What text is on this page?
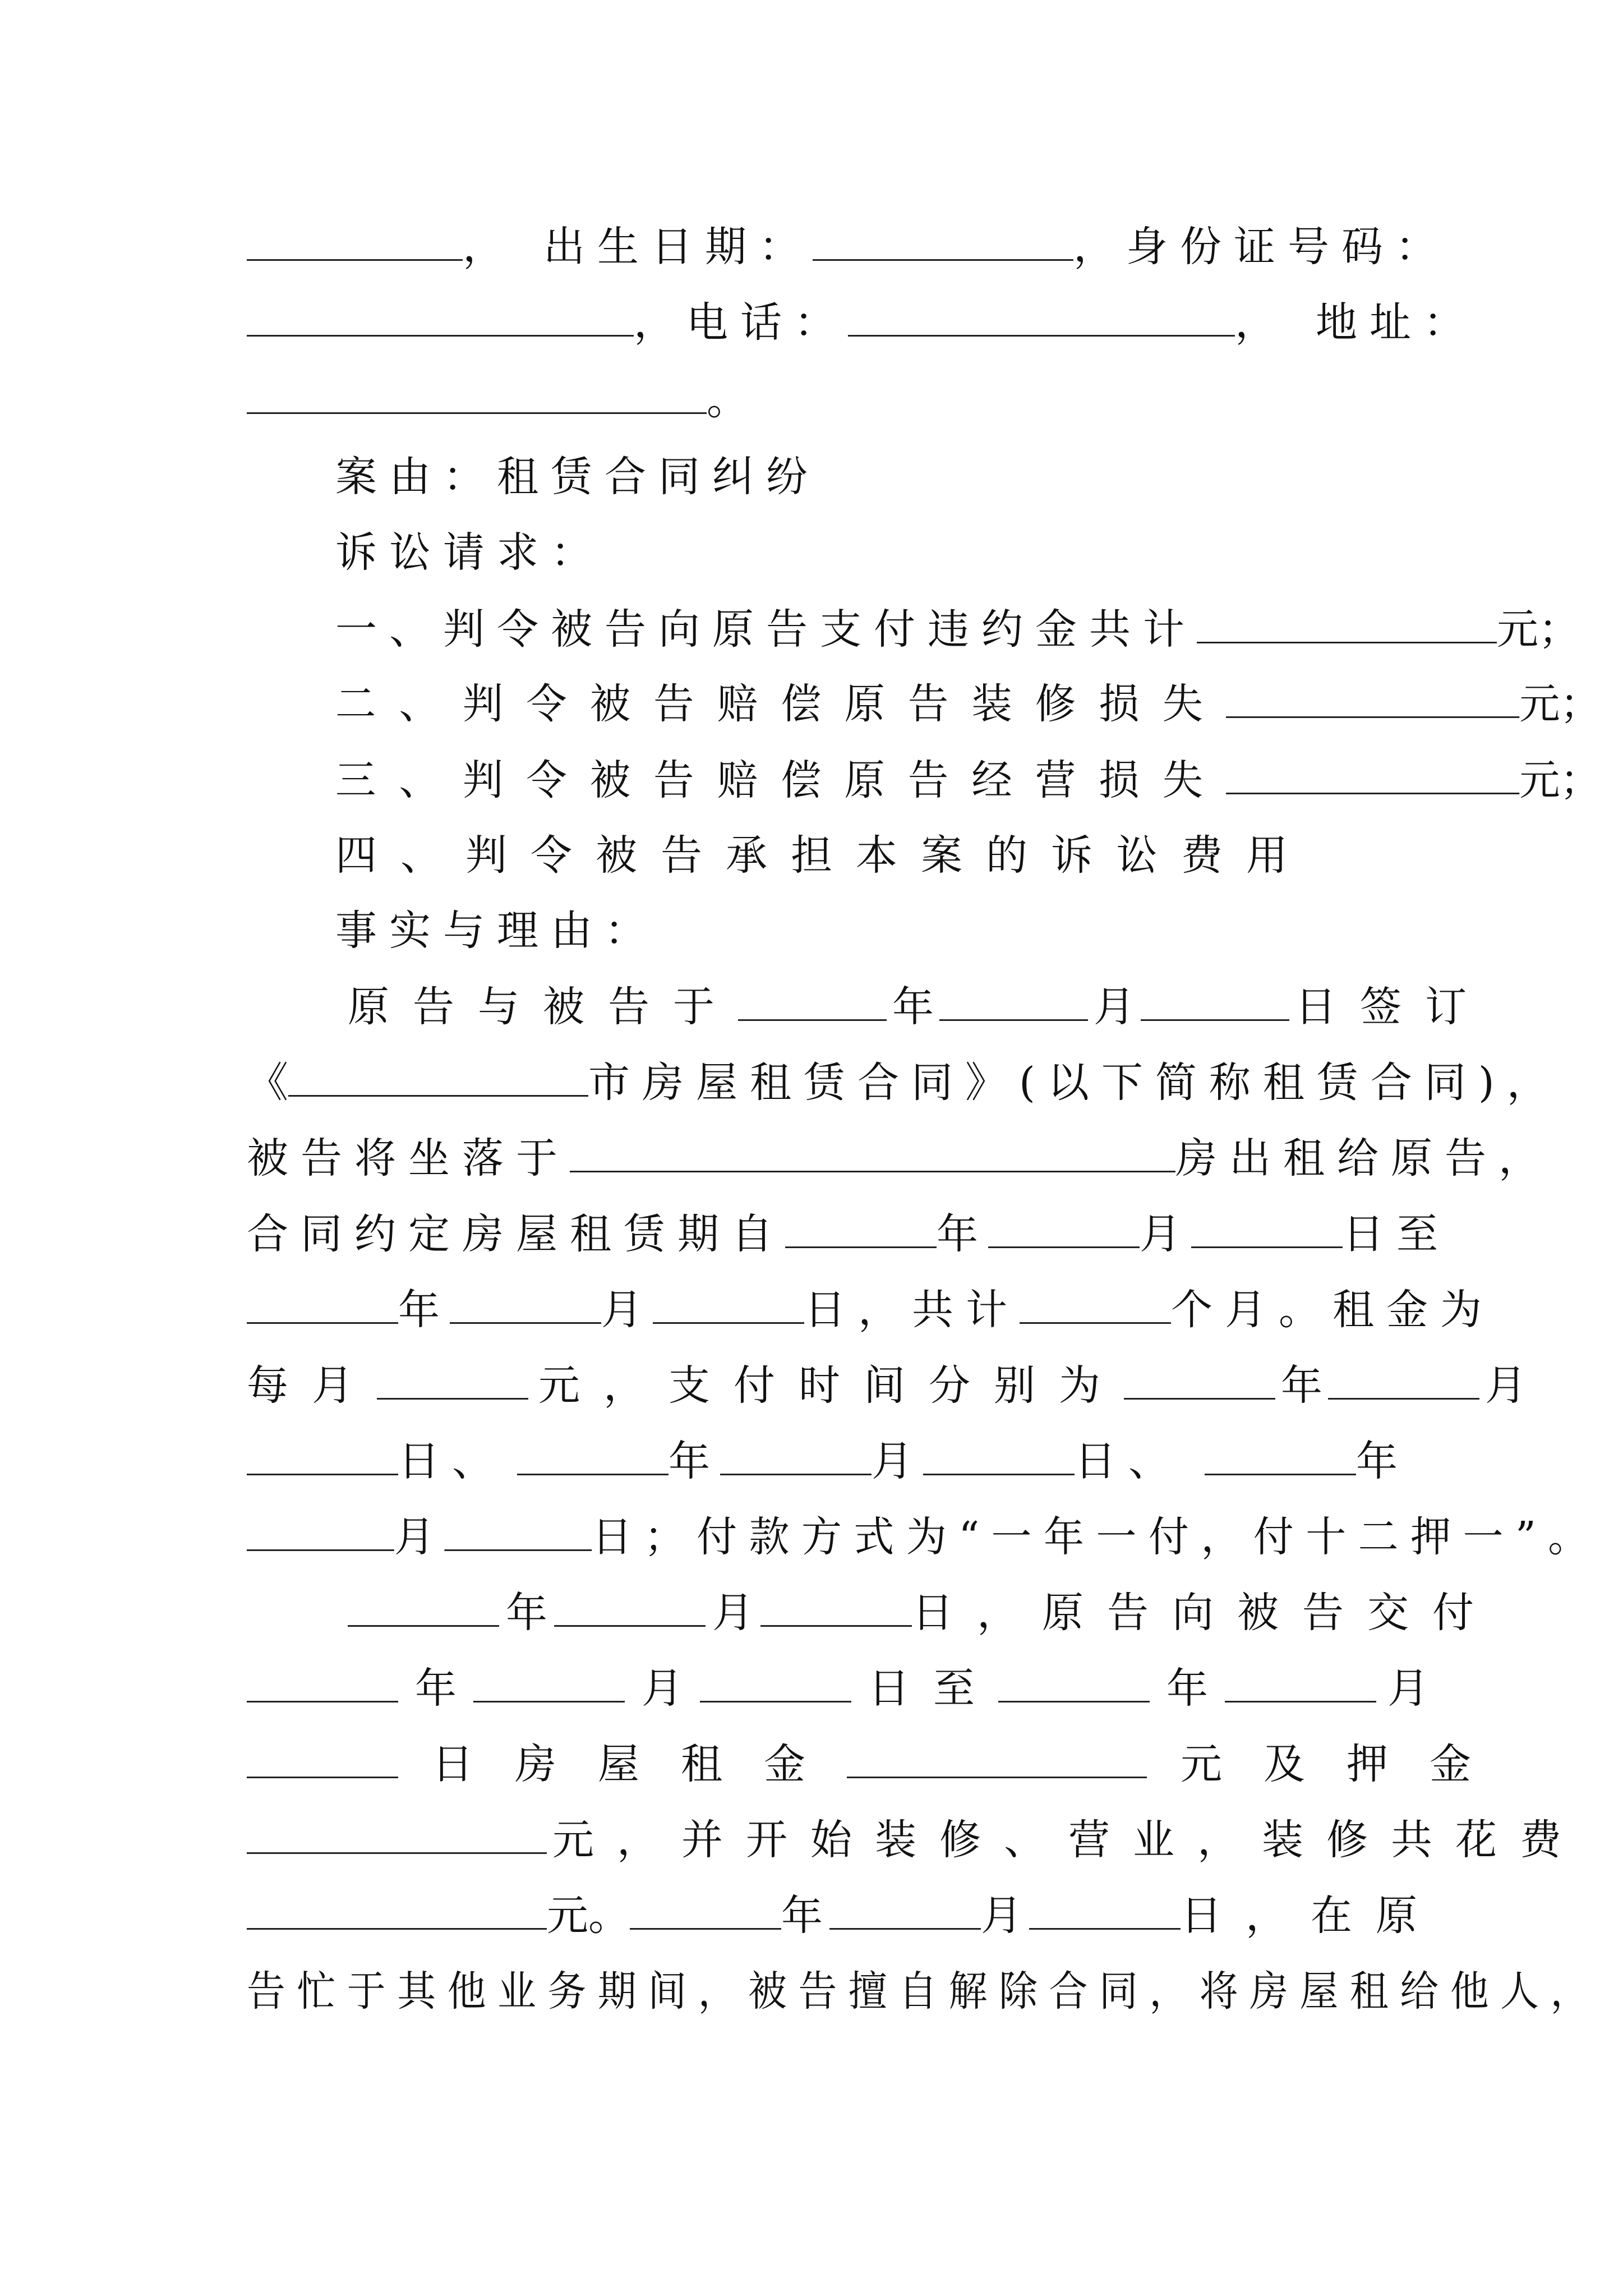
， 出生日期：	， 身份证号码：
， 电话：	， 地址：
。
案由：租赁合同纠纷
诉讼请求：
一、判令被告向原告支付违约金共计	元；
二、判令被告赔偿原告装修损失	元；
三、判令被告赔偿原告经营损失	元；
四、判令被告承担本案的诉讼费用
事实与理由：
原告与被告于	年	月	日签订
《	市房屋租赁合同》(以下简称租赁合同)，
被告将坐落于	房出租给原告，
合同约定房屋租赁期自	年	月	日至
年	月	日，共计	个月。租金为
每月	元，支付时间分别为	年	月
日、	年	月	日、	年
月	日；付款方式为“一年一付，付十二押一”。
年	月	日，原告向被告交付
年	月	日至	年	月
日房屋租金	元及押金
元，并开始装修、营业，装修共花费
元。	年	月	日，在原
告忙于其他业务期间，被告擅自解除合同，将房屋租给他人，
